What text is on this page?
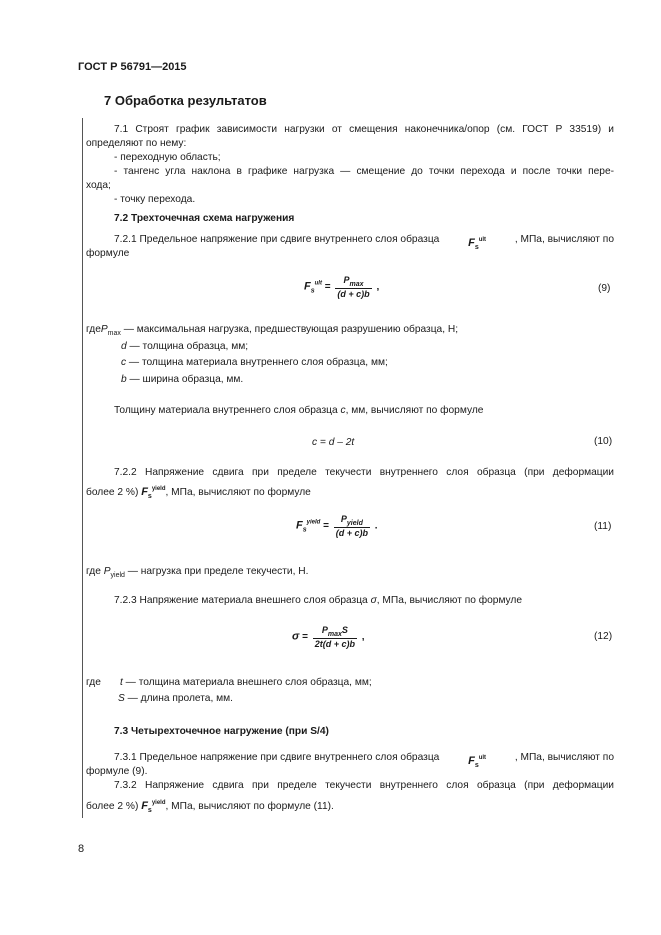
ГОСТ Р 56791—2015
7 Обработка результатов
7.1 Строят график зависимости нагрузки от смещения наконечника/опор (см. ГОСТ Р 33519) и
определяют по нему:
- переходную область;
- тангенс угла наклона в графике нагрузка — смещение до точки перехода и после точки пере-
хода;
- точку перехода.
7.2 Трехточечная схема нагружения
7.2.1 Предельное напряжение при сдвиге внутреннего слоя образца	$F_s^{ult}$	, МПа, вычисляют по
формуле
$F_s^{ult} = \frac{P_{max}}{(d + c)b}$ ,	(9)
гдеP$_{max}$ — максимальная нагрузка, предшествующая разрушению образца, Н;
d — толщина образца, мм;
c — толщина материала внутреннего слоя образца, мм;
b — ширина образца, мм.
Толщину материала внутреннего слоя образца c, мм, вычисляют по формуле
c = d – 2t	(10)
7.2.2 Напряжение сдвига при пределе текучести внутреннего слоя образца (при деформации
более 2 %) $F_s^{yield}$, МПа, вычисляют по формуле
$F_s^{yield} = \frac{P_{yield}}{(d + c)b}$ .	(11)
где $P_{yield}$ — нагрузка при пределе текучести, Н.
7.2.3 Напряжение материала внешнего слоя образца σ, МПа, вычисляют по формуле
$\sigma = \frac{P_{max}S}{2t(d + c)b}$ ,	(12)
где t — толщина материала внешнего слоя образца, мм;
S — длина пролета, мм.
7.3 Четырехточечное нагружение (при S/4)
7.3.1 Предельное напряжение при сдвиге внутреннего слоя образца	$F_s^{ult}$	, МПа, вычисляют по
формуле (9).
7.3.2 Напряжение сдвига при пределе текучести внутреннего слоя образца (при деформации
более 2 %) $F_s^{yield}$, МПа, вычисляют по формуле (11).
8
